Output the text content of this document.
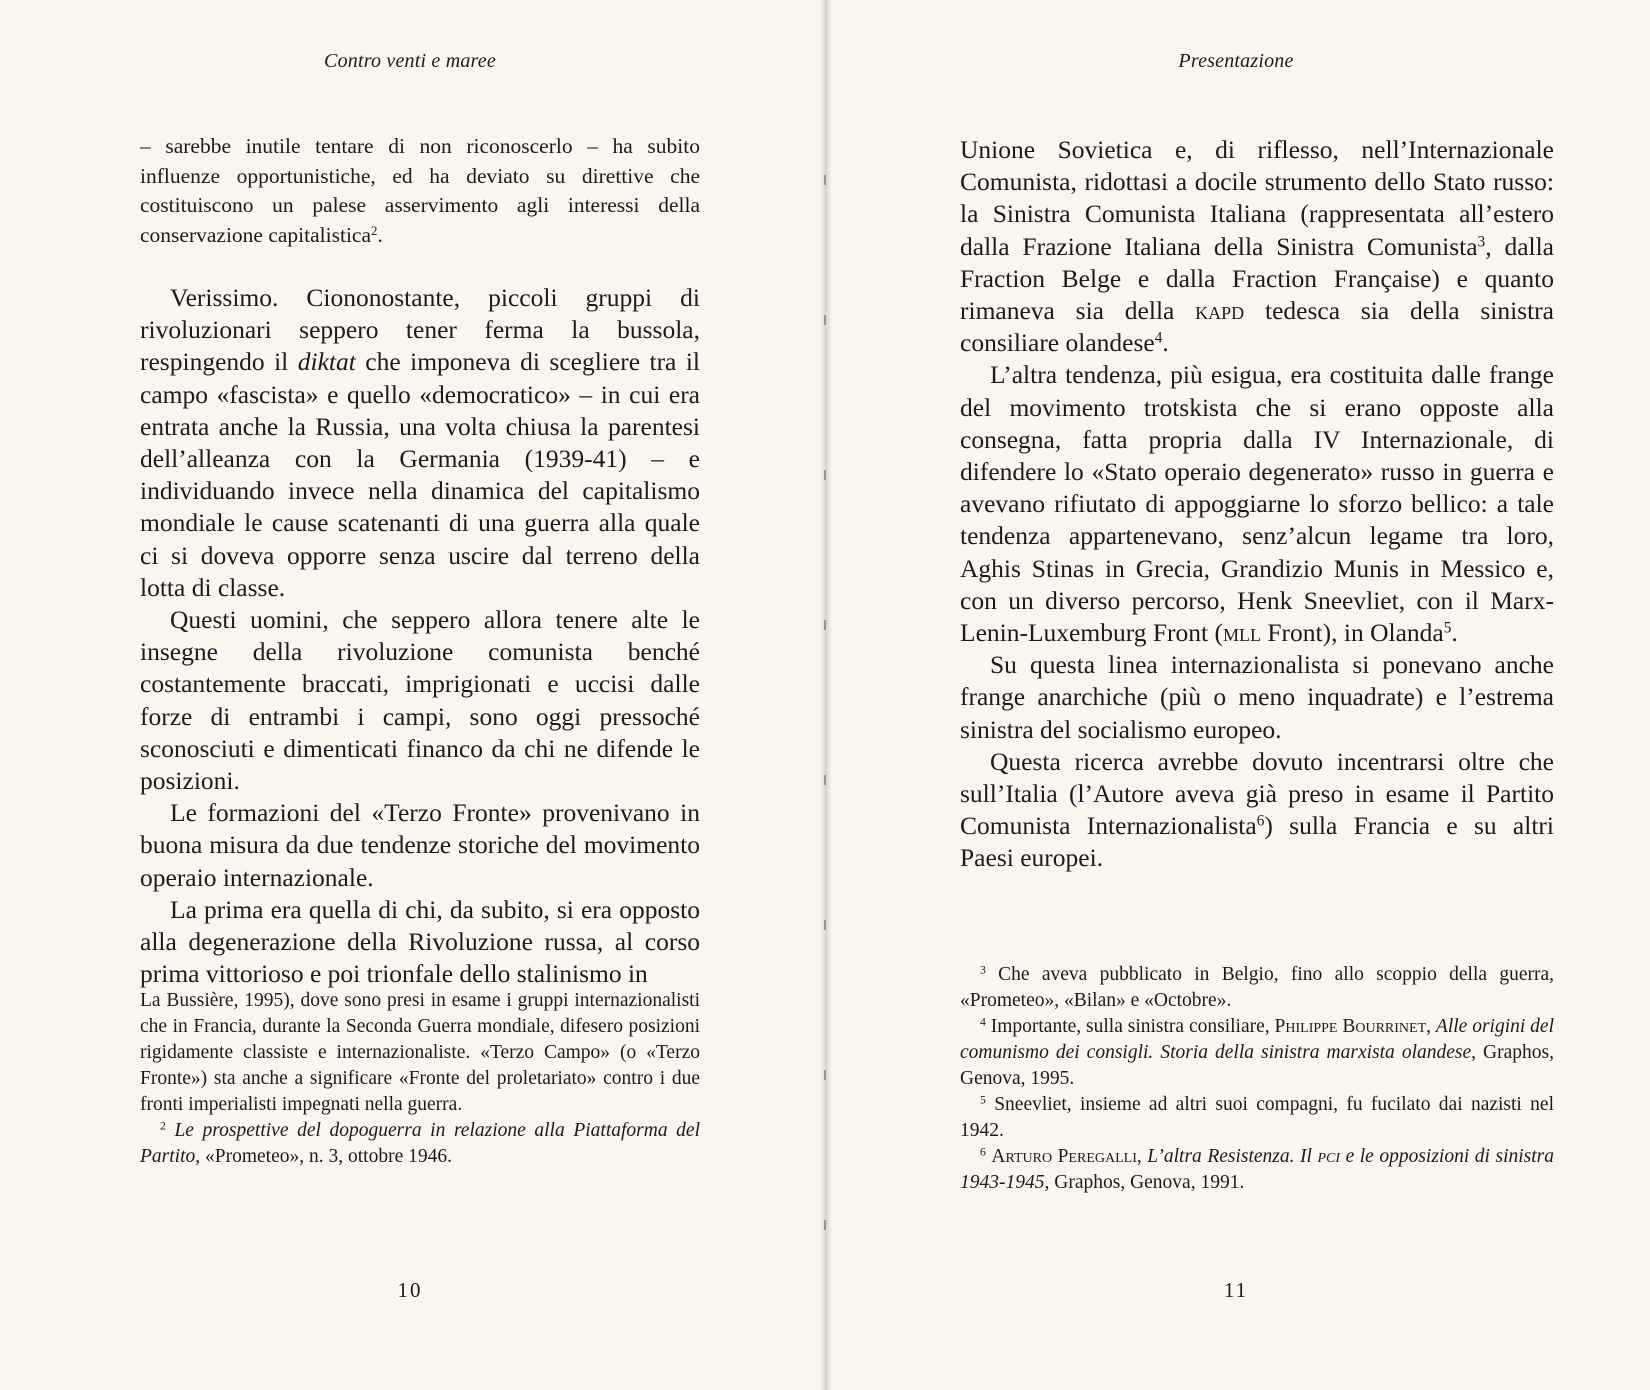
Contro venti e maree

– sarebbe inutile tentare di non riconoscerlo – ha subito influenze opportunistiche, ed ha deviato su direttive che costituiscono un palese asservimento agli interessi della conservazione capitalistica$^2$.

Verissimo. Ciononostante, piccoli gruppi di rivoluzionari seppero tener ferma la bussola, respingendo il diktat che imponeva di scegliere tra il campo «fascista» e quello «democratico» – in cui era entrata anche la Russia, una volta chiusa la parentesi dell’alleanza con la Germania (1939-41) – e individuando invece nella dinamica del capitalismo mondiale le cause scatenanti di una guerra alla quale ci si doveva opporre senza uscire dal terreno della lotta di classe.

Questi uomini, che seppero allora tenere alte le insegne della rivoluzione comunista benché costantemente braccati, imprigionati e uccisi dalle forze di entrambi i campi, sono oggi pressoché sconosciuti e dimenticati financo da chi ne difende le posizioni.

Le formazioni del «Terzo Fronte» provenivano in buona misura da due tendenze storiche del movimento operaio internazionale.

La prima era quella di chi, da subito, si era opposto alla degenerazione della Rivoluzione russa, al corso prima vittorioso e poi trionfale dello stalinismo in

La Bussière, 1995), dove sono presi in esame i gruppi internazionalisti che in Francia, durante la Seconda Guerra mondiale, difesero posizioni rigidamente classiste e internazionaliste. «Terzo Campo» (o «Terzo Fronte») sta anche a significare «Fronte del proletariato» contro i due fronti imperialisti impegnati nella guerra.

$^2$ Le prospettive del dopoguerra in relazione alla Piattaforma del Partito, «Prometeo», n. 3, ottobre 1946.

10
Presentazione

Unione Sovietica e, di riflesso, nell’Internazionale Comunista, ridottasi a docile strumento dello Stato russo: la Sinistra Comunista Italiana (rappresentata all’estero dalla Frazione Italiana della Sinistra Comunista$^3$, dalla Fraction Belge e dalla Fraction Française) e quanto rimaneva sia della kapd tedesca sia della sinistra consiliare olandese$^4$.

L’altra tendenza, più esigua, era costituita dalle frange del movimento trotskista che si erano opposte alla consegna, fatta propria dalla IV Internazionale, di difendere lo «Stato operaio degenerato» russo in guerra e avevano rifiutato di appoggiarne lo sforzo bellico: a tale tendenza appartenevano, senz’alcun legame tra loro, Aghis Stinas in Grecia, Grandizio Munis in Messico e, con un diverso percorso, Henk Sneevliet, con il Marx-Lenin-Luxemburg Front (mll Front), in Olanda$^5$.

Su questa linea internazionalista si ponevano anche frange anarchiche (più o meno inquadrate) e l’estrema sinistra del socialismo europeo.

Questa ricerca avrebbe dovuto incentrarsi oltre che sull’Italia (l’Autore aveva già preso in esame il Partito Comunista Internazionalista$^6$) sulla Francia e su altri Paesi europei.

$^3$ Che aveva pubblicato in Belgio, fino allo scoppio della guerra, «Prometeo», «Bilan» e «Octobre».

$^4$ Importante, sulla sinistra consiliare, Philippe Bourrinet, Alle origini del comunismo dei consigli. Storia della sinistra marxista olandese, Graphos, Genova, 1995.

$^5$ Sneevliet, insieme ad altri suoi compagni, fu fucilato dai nazisti nel 1942.

$^6$ Arturo Peregalli, L’altra Resistenza. Il pci e le opposizioni di sinistra 1943-1945, Graphos, Genova, 1991.

11
